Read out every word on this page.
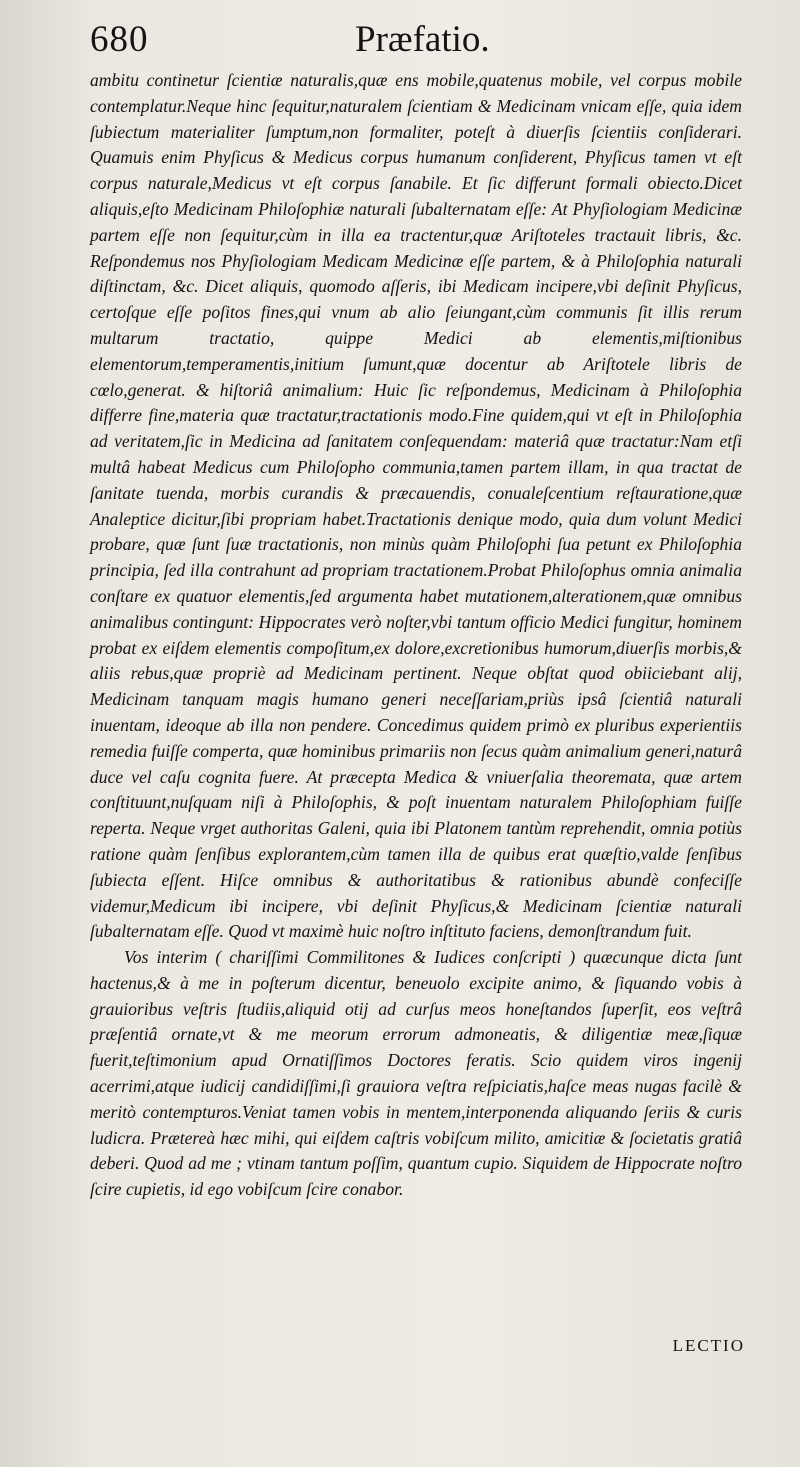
680	Præfatio.

ambitu continetur ſcientiæ naturalis,quæ ens mobile,quatenus mobile, vel corpus mobile contemplatur.Neque hinc ſequitur,naturalem ſcientiam & Medicinam vnicam eſſe, quia idem ſubiectum materialiter ſumptum,non formaliter, poteſt à diuerſis ſcientiis conſiderari. Quamuis enim Phyſicus & Medicus corpus humanum conſiderent, Phyſicus tamen vt eſt corpus naturale,Medicus vt eſt corpus ſanabile. Et ſic differunt formali obiecto.Dicet aliquis,eſto Medicinam Philoſophiæ naturali ſubalternatam eſſe: At Phyſiologiam Medicinæ partem eſſe non ſequitur,cùm in illa ea tractentur,quæ Ariſtoteles tractauit libris, &c. Reſpondemus nos Phyſiologiam Medicam Medicinæ eſſe partem, & à Philoſophia naturali diſtinctam, &c. Dicet aliquis, quomodo aſſeris, ibi Medicam incipere,vbi deſinit Phyſicus, certoſque eſſe poſitos fines,qui vnum ab alio ſeiungant,cùm communis ſit illis rerum multarum tractatio, quippe Medici ab elementis,miſtionibus elementorum,temperamentis,initium ſumunt,quæ docentur ab Ariſtotele libris de cœlo,generat. & hiſtoriâ animalium: Huic ſic reſpondemus, Medicinam à Philoſophia differre fine,materia quæ tractatur,tractationis modo.Fine quidem,qui vt eſt in Philoſophia ad veritatem,ſic in Medicina ad ſanitatem conſequendam: materiâ quæ tractatur:Nam etſi multâ habeat Medicus cum Philoſopho communia,tamen partem illam, in qua tractat de ſanitate tuenda, morbis curandis & præcauendis, conualeſcentium reſtauratione,quæ Analeptice dicitur,ſibi propriam habet.Tractationis denique modo, quia dum volunt Medici probare, quæ ſunt ſuæ tractationis, non minùs quàm Philoſophi ſua petunt ex Philoſophia principia, ſed illa contrahunt ad propriam tractationem.Probat Philoſophus omnia animalia conſtare ex quatuor elementis,ſed argumenta habet mutationem,alterationem,quæ omnibus animalibus contingunt: Hippocrates verò noſter,vbi tantum officio Medici fungitur, hominem probat ex eiſdem elementis compoſitum,ex dolore,excretionibus humorum,diuerſis morbis,& aliis rebus,quæ propriè ad Medicinam pertinent. Neque obſtat quod obiiciebant alij, Medicinam tanquam magis humano generi neceſſariam,priùs ipsâ ſcientiâ naturali inuentam, ideoque ab illa non pendere. Concedimus quidem primò ex pluribus experientiis remedia fuiſſe comperta, quæ hominibus primariis non ſecus quàm animalium generi,naturâ duce vel caſu cognita fuere. At præcepta Medica & vniuerſalia theoremata, quæ artem conſtituunt,nuſquam niſi à Philoſophis, & poſt inuentam naturalem Philoſophiam fuiſſe reperta. Neque vrget authoritas Galeni, quia ibi Platonem tantùm reprehendit, omnia potiùs ratione quàm ſenſibus explorantem,cùm tamen illa de quibus erat quæſtio,valde ſenſibus ſubiecta eſſent. Hiſce omnibus & authoritatibus & rationibus abundè confeciſſe videmur,Medicum ibi incipere, vbi deſinit Phyſicus,& Medicinam ſcientiæ naturali ſubalternatam eſſe. Quod vt maximè huic noſtro inſtituto faciens, demonſtrandum fuit.

Vos interim ( chariſſimi Commilitones & Iudices conſcripti ) quæcunque dicta ſunt hactenus,& à me in poſterum dicentur, beneuolo excipite animo, & ſiquando vobis à grauioribus veſtris ſtudiis,aliquid otij ad curſus meos honeſtandos ſuperſit, eos veſtrâ præſentiâ ornate,vt & me meorum errorum admoneatis, & diligentiæ meæ,ſiquæ fuerit,teſtimonium apud Ornatiſſimos Doctores feratis. Scio quidem viros ingenij acerrimi,atque iudicij candidiſſimi,ſi grauiora veſtra reſpiciatis,haſce meas nugas facilè & meritò contempturos.Veniat tamen vobis in mentem,interponenda aliquando ſeriis & curis ludicra. Prætereà hæc mihi, qui eiſdem caſtris vobiſcum milito, amicitiæ & ſocietatis gratiâ deberi. Quod ad me ; vtinam tantum poſſim, quantum cupio. Siquidem de Hippocrate noſtro ſcire cupietis, id ego vobiſcum ſcire conabor.

LECTIO
